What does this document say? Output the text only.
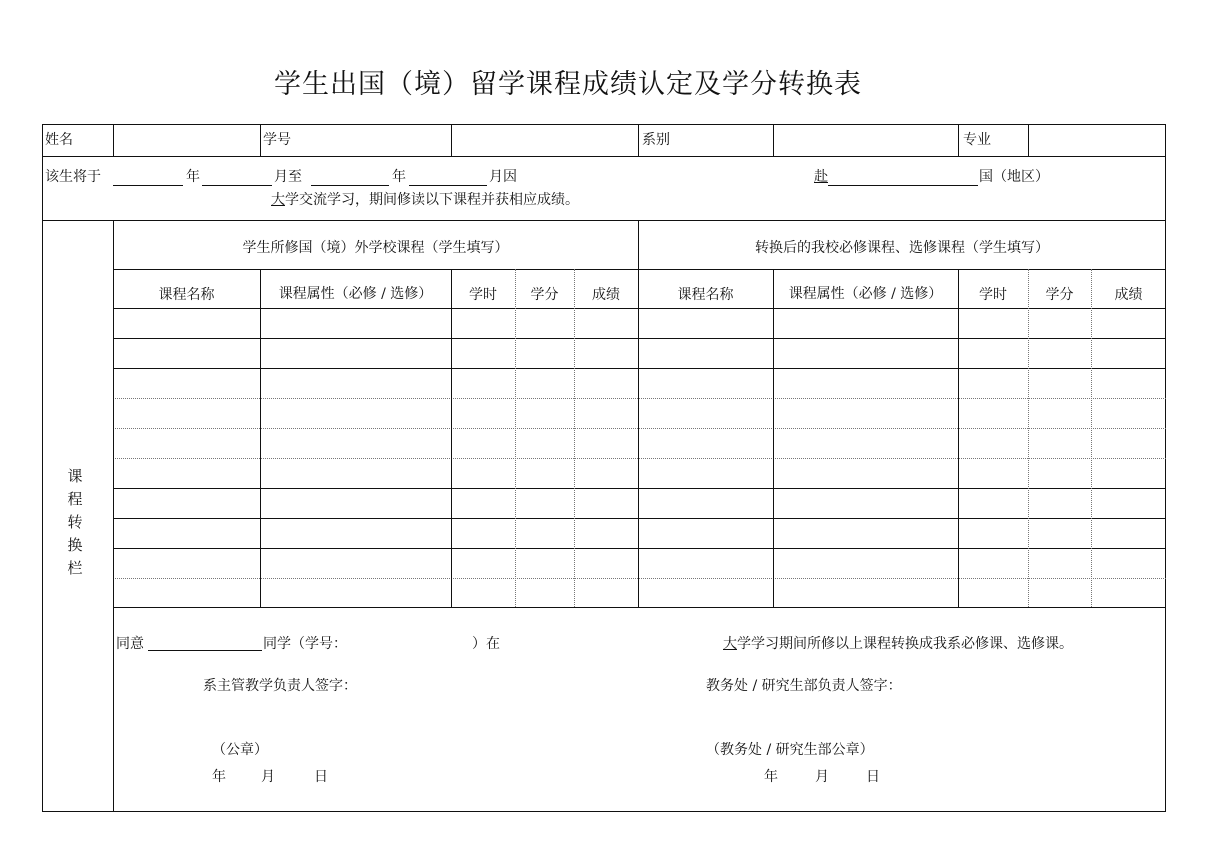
学生出国（境）留学课程成绩认定及学分转换表
姓名	学号	系别	专业
该生将于	年	月至	年	月因	赴	国（地区）
大学交流学习，期间修读以下课程并获相应成绩。
课
程
转
换
栏
学生所修国（境）外学校课程（学生填写）	转换后的我校必修课程、选修课程（学生填写）
课程名称	课程属性（必修 / 选修）	学时	学分	成绩	课程名称	课程属性（必修 / 选修）	学时	学分	成绩
同意	同学（学号：	）在	大学学习期间所修以上课程转换成我系必修课、选修课。
系主管教学负责人签字：	教务处 / 研究生部负责人签字：
（公章）	（教务处 / 研究生部公章）
年	月	日	年	月	日
